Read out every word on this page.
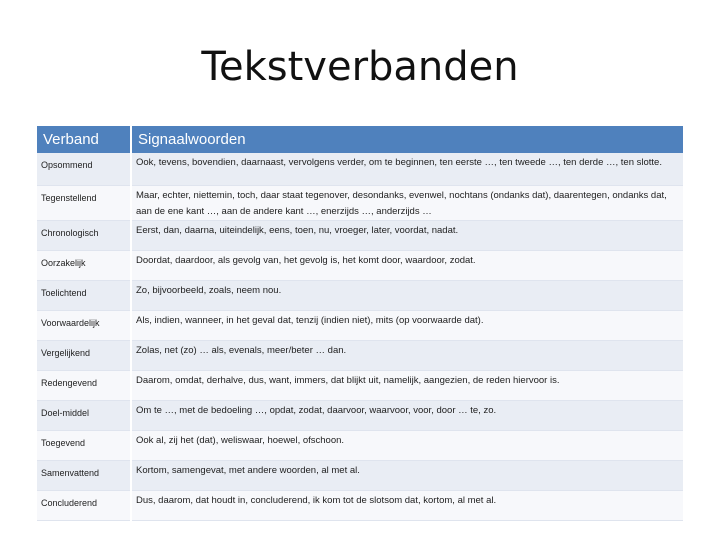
Tekstverbanden
Verband	Signaalwoorden
Opsommend	Ook, tevens, bovendien, daarnaast, vervolgens verder, om te beginnen, ten eerste …, ten tweede …, ten derde …, ten slotte.
Tegenstellend	Maar, echter, niettemin, toch, daar staat tegenover, desondanks, evenwel, nochtans (ondanks dat), daarentegen, ondanks dat, aan de ene kant …, aan de andere kant …, enerzijds …, anderzijds …
Chronologisch	Eerst, dan, daarna, uiteindelijk, eens, toen, nu, vroeger, later, voordat, nadat.
Oorzakelijk	Doordat, daardoor, als gevolg van, het gevolg is, het komt door, waardoor, zodat.
Toelichtend	Zo, bijvoorbeeld, zoals, neem nou.
Voorwaardelijk	Als, indien, wanneer, in het geval dat, tenzij (indien niet), mits (op voorwaarde dat).
Vergelijkend	Zolas, net (zo) … als, evenals, meer/beter … dan.
Redengevend	Daarom, omdat, derhalve, dus, want, immers, dat blijkt uit, namelijk, aangezien, de reden hiervoor is.
Doel-middel	Om te …, met de bedoeling …, opdat, zodat, daarvoor, waarvoor, voor, door … te, zo.
Toegevend	Ook al, zij het (dat), weliswaar, hoewel, ofschoon.
Samenvattend	Kortom, samengevat, met andere woorden, al met al.
Concluderend	Dus, daarom, dat houdt in, concluderend, ik kom tot de slotsom dat, kortom, al met al.
